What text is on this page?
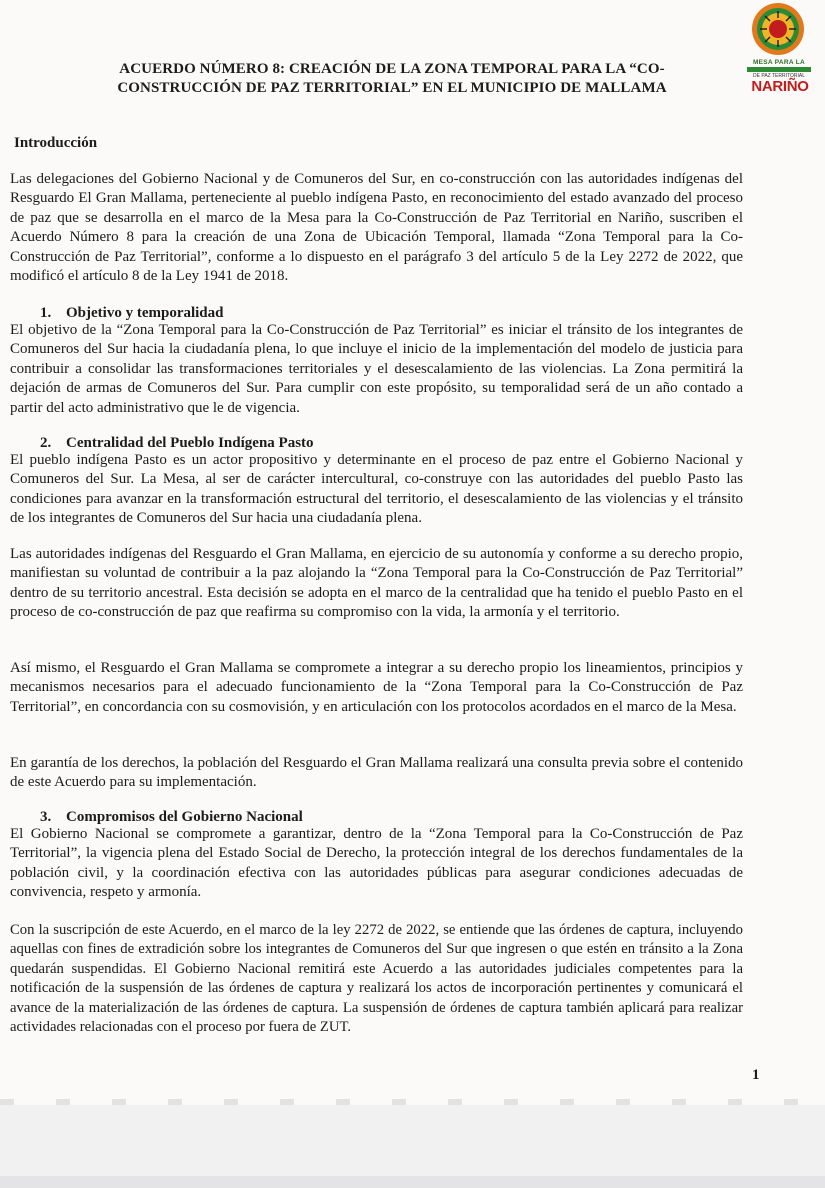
ACUERDO NÚMERO 8: CREACIÓN DE LA ZONA TEMPORAL PARA LA “CO-CONSTRUCCIÓN DE PAZ TERRITORIAL” EN EL MUNICIPIO DE MALLAMA
MESA PARA LA
DE PAZ TERRITORIAL
NARIÑO
Introducción

Las delegaciones del Gobierno Nacional y de Comuneros del Sur, en co-construcción con las autoridades indígenas del Resguardo El Gran Mallama, perteneciente al pueblo indígena Pasto, en reconocimiento del estado avanzado del proceso de paz que se desarrolla en el marco de la Mesa para la Co-Construcción de Paz Territorial en Nariño, suscriben el Acuerdo Número 8 para la creación de una Zona de Ubicación Temporal, llamada “Zona Temporal para la Co-Construcción de Paz Territorial”, conforme a lo dispuesto en el parágrafo 3 del artículo 5 de la Ley 2272 de 2022, que modificó el artículo 8 de la Ley 1941 de 2018.

1. Objetivo y temporalidad

El objetivo de la “Zona Temporal para la Co-Construcción de Paz Territorial” es iniciar el tránsito de los integrantes de Comuneros del Sur hacia la ciudadanía plena, lo que incluye el inicio de la implementación del modelo de justicia para contribuir a consolidar las transformaciones territoriales y el desescalamiento de las violencias. La Zona permitirá la dejación de armas de Comuneros del Sur. Para cumplir con este propósito, su temporalidad será de un año contado a partir del acto administrativo que le de vigencia.

2. Centralidad del Pueblo Indígena Pasto

El pueblo indígena Pasto es un actor propositivo y determinante en el proceso de paz entre el Gobierno Nacional y Comuneros del Sur. La Mesa, al ser de carácter intercultural, co-construye con las autoridades del pueblo Pasto las condiciones para avanzar en la transformación estructural del territorio, el desescalamiento de las violencias y el tránsito de los integrantes de Comuneros del Sur hacia una ciudadanía plena.

Las autoridades indígenas del Resguardo el Gran Mallama, en ejercicio de su autonomía y conforme a su derecho propio, manifiestan su voluntad de contribuir a la paz alojando la “Zona Temporal para la Co-Construcción de Paz Territorial” dentro de su territorio ancestral. Esta decisión se adopta en el marco de la centralidad que ha tenido el pueblo Pasto en el proceso de co-construcción de paz que reafirma su compromiso con la vida, la armonía y el territorio.

Así mismo, el Resguardo el Gran Mallama se compromete a integrar a su derecho propio los lineamientos, principios y mecanismos necesarios para el adecuado funcionamiento de la “Zona Temporal para la Co-Construcción de Paz Territorial”, en concordancia con su cosmovisión, y en articulación con los protocolos acordados en el marco de la Mesa.

En garantía de los derechos, la población del Resguardo el Gran Mallama realizará una consulta previa sobre el contenido de este Acuerdo para su implementación.

3. Compromisos del Gobierno Nacional

El Gobierno Nacional se compromete a garantizar, dentro de la “Zona Temporal para la Co-Construcción de Paz Territorial”, la vigencia plena del Estado Social de Derecho, la protección integral de los derechos fundamentales de la población civil, y la coordinación efectiva con las autoridades públicas para asegurar condiciones adecuadas de convivencia, respeto y armonía.

Con la suscripción de este Acuerdo, en el marco de la ley 2272 de 2022, se entiende que las órdenes de captura, incluyendo aquellas con fines de extradición sobre los integrantes de Comuneros del Sur que ingresen o que estén en tránsito a la Zona quedarán suspendidas. El Gobierno Nacional remitirá este Acuerdo a las autoridades judiciales competentes para la notificación de la suspensión de las órdenes de captura y realizará los actos de incorporación pertinentes y comunicará el avance de la materialización de las órdenes de captura. La suspensión de órdenes de captura también aplicará para realizar actividades relacionadas con el proceso por fuera de ZUT.

1
